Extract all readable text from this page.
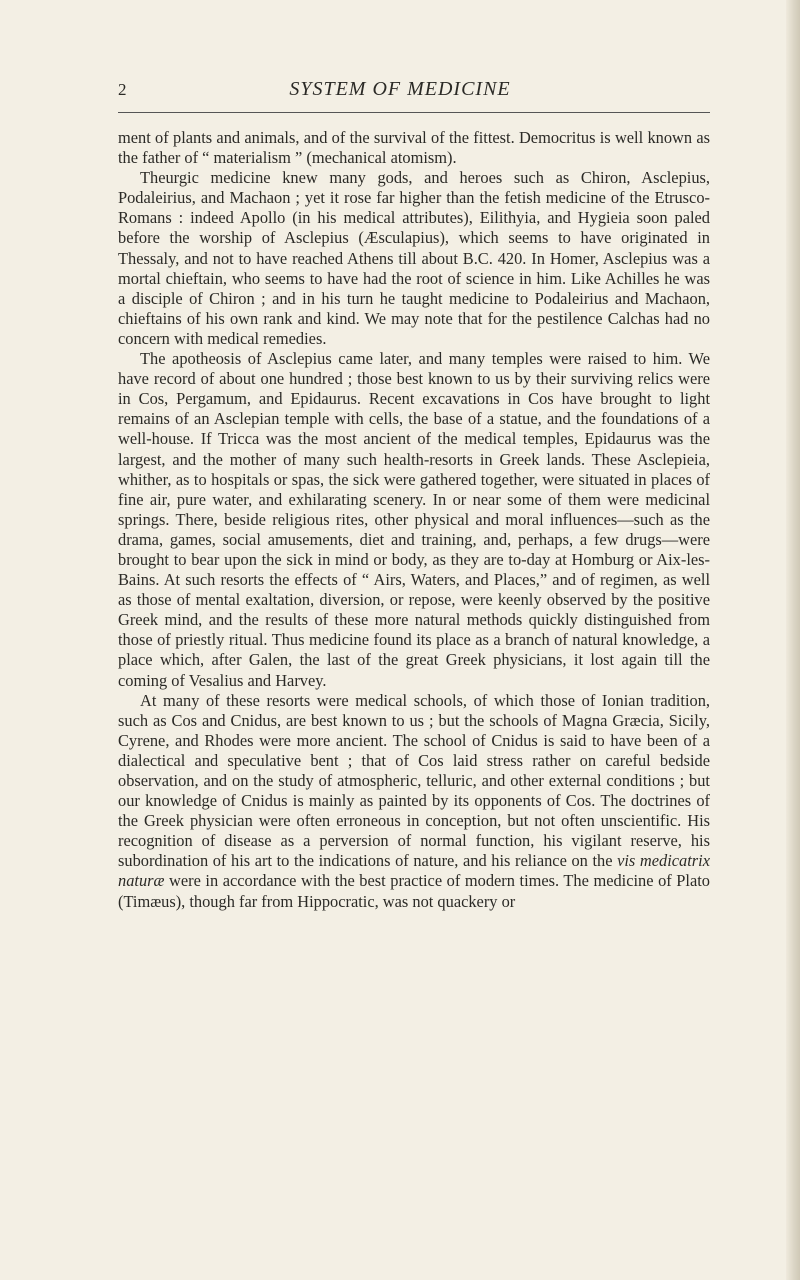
2	SYSTEM OF MEDICINE

ment of plants and animals, and of the survival of the fittest. Democritus is well known as the father of “ materialism ” (mechanical atomism).

Theurgic medicine knew many gods, and heroes such as Chiron, Asclepius, Podaleirius, and Machaon ; yet it rose far higher than the fetish medicine of the Etrusco-Romans : indeed Apollo (in his medical attributes), Eilithyia, and Hygieia soon paled before the worship of Asclepius (Æsculapius), which seems to have originated in Thessaly, and not to have reached Athens till about B.C. 420. In Homer, Asclepius was a mortal chieftain, who seems to have had the root of science in him. Like Achilles he was a disciple of Chiron ; and in his turn he taught medicine to Podaleirius and Machaon, chieftains of his own rank and kind. We may note that for the pestilence Calchas had no concern with medical remedies.

The apotheosis of Asclepius came later, and many temples were raised to him. We have record of about one hundred ; those best known to us by their surviving relics were in Cos, Pergamum, and Epidaurus. Recent excavations in Cos have brought to light remains of an Asclepian temple with cells, the base of a statue, and the foundations of a well-house. If Tricca was the most ancient of the medical temples, Epidaurus was the largest, and the mother of many such health-resorts in Greek lands. These Asclepieia, whither, as to hospitals or spas, the sick were gathered together, were situated in places of fine air, pure water, and exhilarating scenery. In or near some of them were medicinal springs. There, beside religious rites, other physical and moral influences—such as the drama, games, social amusements, diet and training, and, perhaps, a few drugs—were brought to bear upon the sick in mind or body, as they are to-day at Homburg or Aix-les-Bains. At such resorts the effects of “ Airs, Waters, and Places,” and of regimen, as well as those of mental exaltation, diversion, or repose, were keenly observed by the positive Greek mind, and the results of these more natural methods quickly distinguished from those of priestly ritual. Thus medicine found its place as a branch of natural knowledge, a place which, after Galen, the last of the great Greek physicians, it lost again till the coming of Vesalius and Harvey.

At many of these resorts were medical schools, of which those of Ionian tradition, such as Cos and Cnidus, are best known to us ; but the schools of Magna Græcia, Sicily, Cyrene, and Rhodes were more ancient. The school of Cnidus is said to have been of a dialectical and speculative bent ; that of Cos laid stress rather on careful bedside observation, and on the study of atmospheric, telluric, and other external conditions ; but our knowledge of Cnidus is mainly as painted by its opponents of Cos. The doctrines of the Greek physician were often erroneous in conception, but not often unscientific. His recognition of disease as a perversion of normal function, his vigilant reserve, his subordination of his art to the indications of nature, and his reliance on the vis medicatrix naturæ were in accordance with the best practice of modern times. The medicine of Plato (Timæus), though far from Hippocratic, was not quackery or
